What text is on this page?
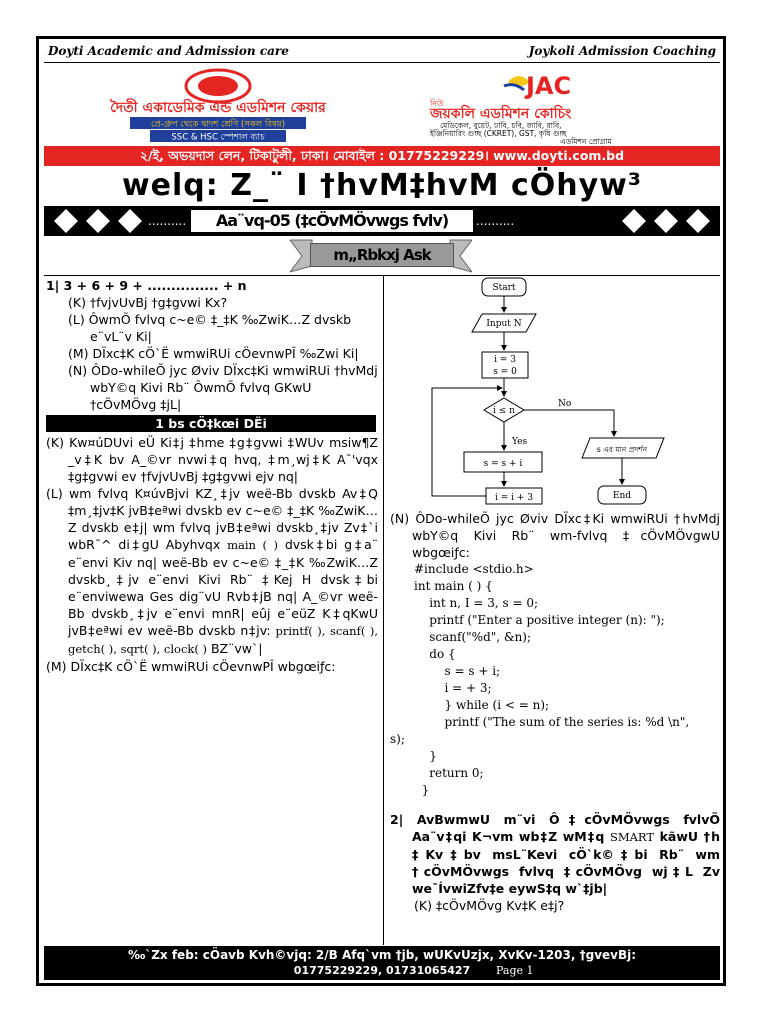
Doyti Academic and Admission care	Joykoli Admission Coaching
দৈতী একাডেমিক এন্ড এডমিশন কেয়ার
প্রে-গ্রুপ থেকে দ্বাদশ শ্রেণি (সকল বিষয়)
SSC & HSC স্পেশাল ব্যাচ
JAC
নিউ
জয়কলি এডমিশন কোচিং
মেডিকেল, বুয়েট, ঢাবি, চবি, জাবি, রাবি,
ইঞ্জিনিয়ারিং গুচ্ছ (CKRET), GST, কৃষি গুচ্ছ
এডমিশন প্রোগ্রাম
২/ই, অভয়দাস লেন, টিকাটুলী, ঢাকা। মোবাইল : 01775229229। www.doyti.com.bd
welq: Z_¨ I †hvM‡hvM cÖhyw³
..........	..........
Aa¨vq-05 (‡cÖvMÖvwgs fvlv)
m„Rbkxj Ask

1| 3 + 6 + 9 + ............... + n

(K) †fvjvUvBj †g‡gvwi Kx?

(L) ÔwmÕ fvlvq c~e© ‡_‡K ‰ZwiK…Z dvskb e¨vL¨v Ki|

(M) DÏxc‡K cÖ`Ë wmwiRUi cÖevnwPÎ ‰Zwi Ki|

(N) ÔDo-whileÕ jyc Øviv DÏxc‡Ki wmwiRUi †hvMdj wbY©q Kivi Rb¨ ÔwmÕ fvlvq GKwU †cÖvMÖvg ‡jL|

1 bs cÖ‡kœi DËi

(K) Kw¤úDUvi eÜ Ki‡j ‡hme ‡g‡gvwi ‡WUv msiw¶Z _v‡K bv A_©vr nvwi‡q hvq, ‡m¸wj‡K A¯'vqx ‡g‡gvwi ev †fvjvUvBj ‡g‡gvwi ejv nq|

(L) wm fvlvq K¤úvBjvi KZ¸‡jv weë-Bb dvskb Av‡Q ‡m¸‡jv‡K jvB‡eªwi dvskb ev c~e© ‡_‡K ‰ZwiK…Z dvskb e‡j| wm fvlvq jvB‡eªwi dvskb¸‡jv Zv‡`i wbR¯^ di‡gU Abyhvqx main ( ) dvsk‡bi g‡a¨ e¨envi Kiv nq| weë-Bb ev c~e© ‡_‡K ‰ZwiK…Z dvskb¸‡jv e¨envi Kivi Rb¨ ‡Kej H dvsk‡bi e¨enviwewa Ges dig¨vU Rvb‡jB nq| A_©vr weë-Bb dvskb¸‡jv e¨envi mnR| eûj e¨eüZ K‡qKwU jvB‡eªwi ev weë-Bb dvskb n‡jv: printf( ), scanf( ), getch( ), sqrt( ), clock( ) BZ¨vw`|

(M) DÏxc‡K cÖ`Ë wmwiRUi cÖevnwPÎ wbgœiƒc:

Start
Input N
i = 3
s = 0
i ≤ n
No
Yes
s = s + i
i = i + 3
s এর মান প্রদর্শন
End

(N) ÔDo-whileÕ jyc Øviv DÏxc‡Ki wmwiRUi †hvMdj wbY©q Kivi Rb¨ wm-fvlvq ‡cÖvMÖvgwU wbgœiƒc:

#include <stdio.h>
int main ( ) {
int n, I = 3, s = 0;
printf ("Enter a positive integer (n): ");
scanf("%d", &n);
do {
s = s + i;
i = + 3;
} while (i < = n);
printf ("The sum of the series is: %d \n",
s);
}
return 0;
}

2| AvBwmwU m¨vi Ô‡cÖvMÖvwgs fvlvÕ Aa¨v‡qi K¬vm wb‡Z wM‡q SMART kãwU †h ‡Kv‡bv msL¨Kevi cÖ`k©‡bi Rb¨ wm †cÖvMÖvwgs fvlvq ‡cÖvMÖvg wj‡L Zv we¯ÍvwiZfv‡e eywS‡q w`‡jb|

(K) ‡cÖvMÖvg Kv‡K e‡j?

‰`Zx feb: cÖavb Kvh©vjq: 2/B Afq`vm †jb, wUKvUzjx, XvKv-1203, †gvevBj:
01775229229, 01731065427 Page 1
